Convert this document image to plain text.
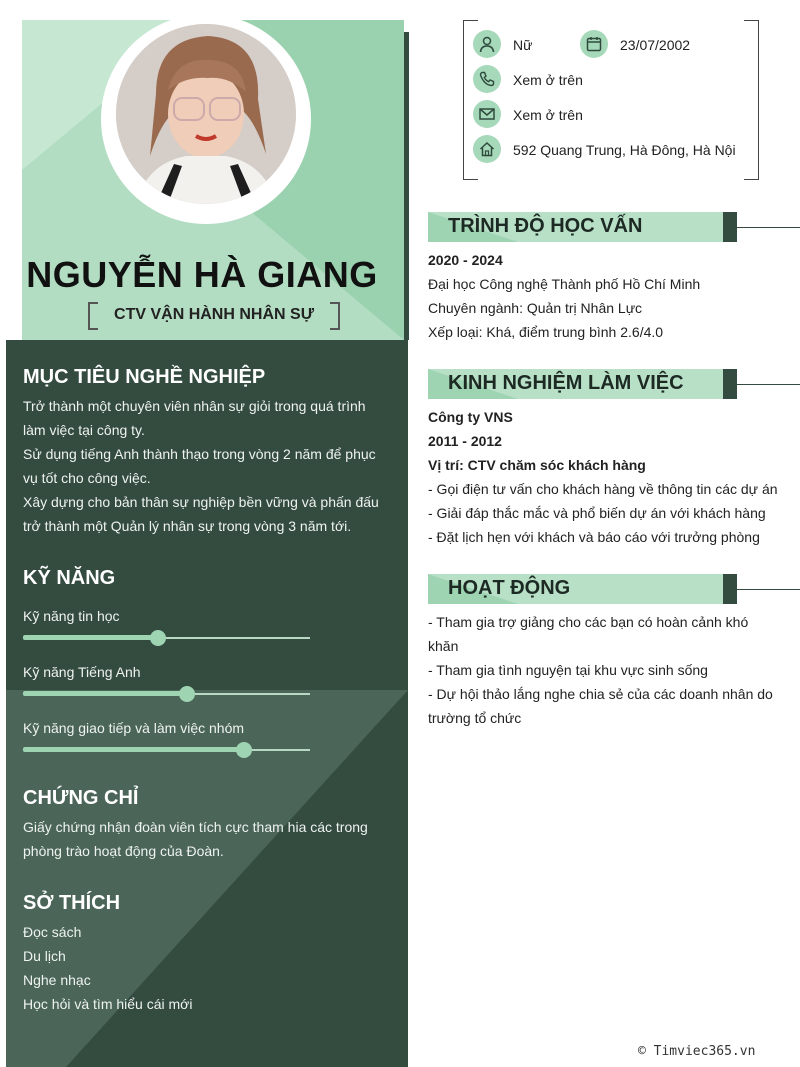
NGUYỄN HÀ GIANG
CTV VẬN HÀNH NHÂN SỰ
MỤC TIÊU NGHỀ NGHIỆP
Trở thành một chuyên viên nhân sự giỏi trong quá trình
làm việc tại công ty.
Sử dụng tiếng Anh thành thạo trong vòng 2 năm để phục
vụ tốt cho công việc.
Xây dựng cho bản thân sự nghiệp bền vững và phấn đấu
trở thành một Quản lý nhân sự trong vòng 3 năm tới.
KỸ NĂNG
Kỹ năng tin học
Kỹ năng Tiếng Anh
Kỹ năng giao tiếp và làm việc nhóm
CHỨNG CHỈ
Giấy chứng nhận đoàn viên tích cực tham hia các trong
phòng trào hoạt động của Đoàn.
SỞ THÍCH
Đọc sách
Du lịch
Nghe nhạc
Học hỏi và tìm hiểu cái mới
Nữ	23/07/2002
Xem ở trên
Xem ở trên
592 Quang Trung, Hà Đông, Hà Nội
TRÌNH ĐỘ HỌC VẤN
2020 - 2024
Đại học Công nghệ Thành phố Hồ Chí Minh
Chuyên ngành: Quản trị Nhân Lực
Xếp loại: Khá, điểm trung bình 2.6/4.0
KINH NGHIỆM LÀM VIỆC
Công ty VNS
2011 - 2012
Vị trí: CTV chăm sóc khách hàng
- Gọi điện tư vấn cho khách hàng về thông tin các dự án
- Giải đáp thắc mắc và phổ biến dự án với khách hàng
- Đặt lịch hẹn với khách và báo cáo với trưởng phòng
HOẠT ĐỘNG
- Tham gia trợ giảng cho các bạn có hoàn cảnh khó
khăn
- Tham gia tình nguyện tại khu vực sinh sống
- Dự hội thảo lắng nghe chia sẻ của các doanh nhân do
trường tổ chức
© Timviec365.vn
